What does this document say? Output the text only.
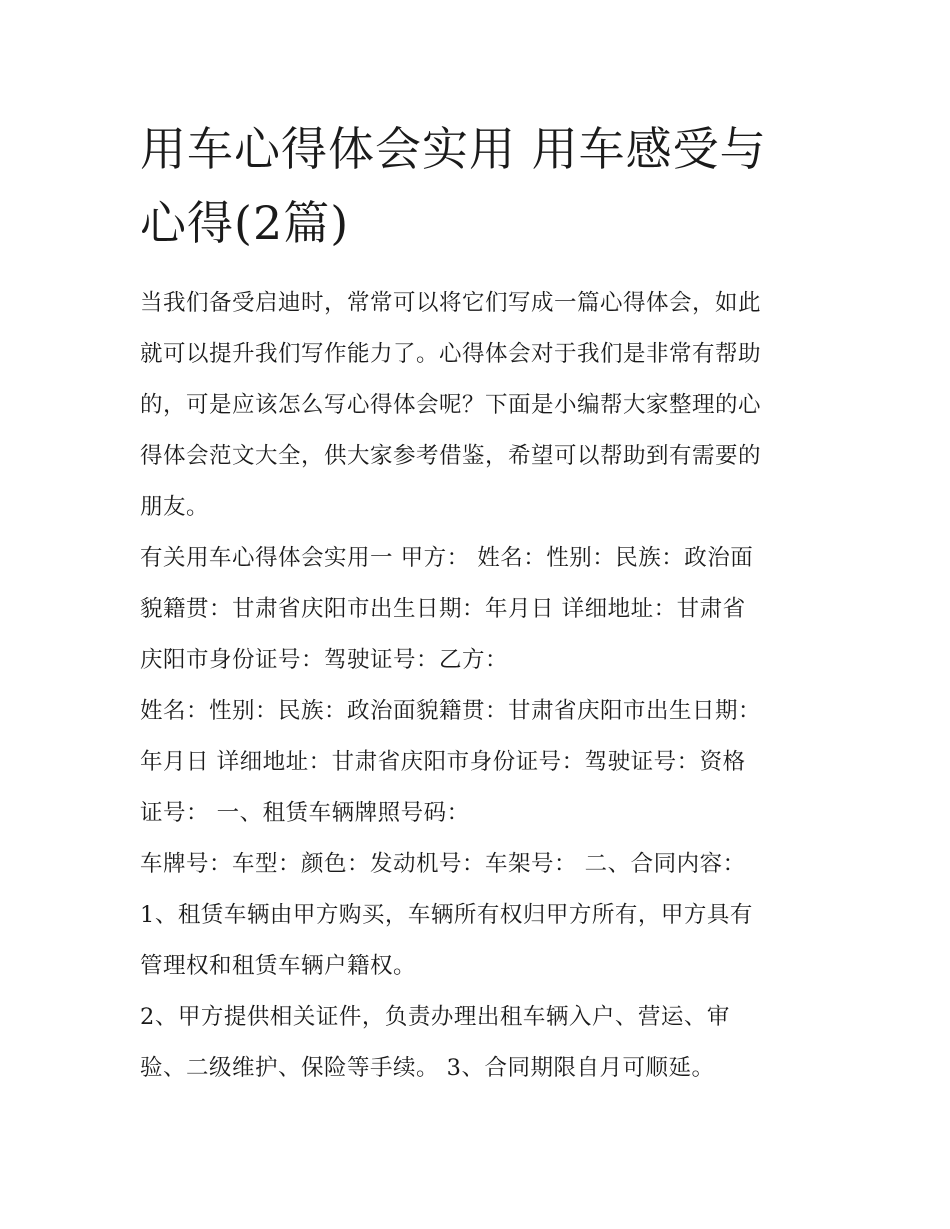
用车心得体会实用 用车感受与
心得(2篇)

当我们备受启迪时，常常可以将它们写成一篇心得体会，如此
就可以提升我们写作能力了。心得体会对于我们是非常有帮助
的，可是应该怎么写心得体会呢？下面是小编帮大家整理的心
得体会范文大全，供大家参考借鉴，希望可以帮助到有需要的
朋友。

有关用车心得体会实用一 甲方： 姓名：性别：民族：政治面
貌籍贯：甘肃省庆阳市出生日期：年月日 详细地址：甘肃省
庆阳市身份证号：驾驶证号：乙方：

姓名：性别：民族：政治面貌籍贯：甘肃省庆阳市出生日期：
年月日 详细地址：甘肃省庆阳市身份证号：驾驶证号：资格
证号： 一、租赁车辆牌照号码：

车牌号：车型：颜色：发动机号：车架号： 二、合同内容：

1、租赁车辆由甲方购买，车辆所有权归甲方所有，甲方具有
管理权和租赁车辆户籍权。

2、甲方提供相关证件，负责办理出租车辆入户、营运、审
验、二级维护、保险等手续。 3、合同期限自月可顺延。
